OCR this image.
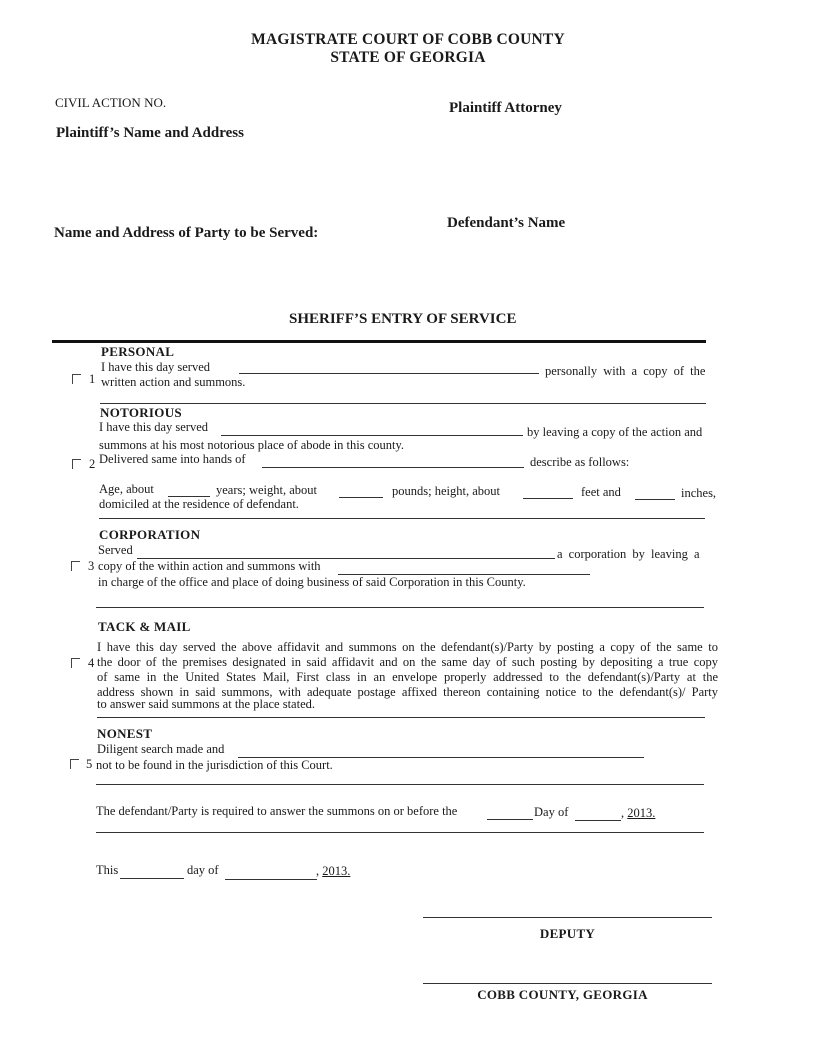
MAGISTRATE COURT OF COBB COUNTY
STATE OF GEORGIA
CIVIL ACTION NO.	Plaintiff Attorney
Plaintiff’s Name and Address
Defendant’s Name
Name and Address of Party to be Served:
SHERIFF’S ENTRY OF SERVICE
PERSONAL
1
I have this day served	personally with a copy of the
written action and summons.
NOTORIOUS
I have this day served	by leaving a copy of the action and
summons at his most notorious place of abode in this county.
2 Delivered same into hands of	describe as follows:
Age, about	years; weight, about	pounds; height, about	feet and	inches,
domiciled at the residence of defendant.
CORPORATION
Served	a corporation by leaving a
3 copy of the within action and summons with
in charge of the office and place of doing business of said Corporation in this County.
TACK & MAIL
4
I have this day served the above affidavit and summons on the defendant(s)/Party by posting a copy of the same to
the door of the premises designated in said affidavit and on the same day of such posting by depositing a true copy
of same in the United States Mail, First class in an envelope properly addressed to the defendant(s)/Party at the
address shown in said summons, with adequate postage affixed thereon containing notice to the defendant(s)/ Party
to answer said summons at the place stated.
NONEST
Diligent search made and
5 not to be found in the jurisdiction of this Court.
The defendant/Party is required to answer the summons on or before the	Day of	, 2013.
This	day of	, 2013.
DEPUTY
COBB COUNTY, GEORGIA
